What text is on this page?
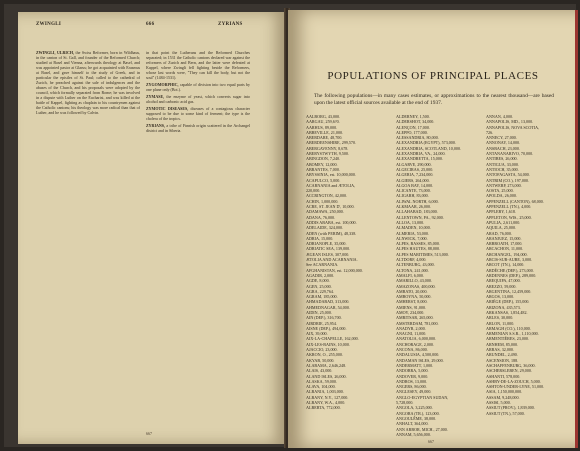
ZWINGLI	666	ZYRIANS

ZWINGLI, ULRICH, the Swiss Reformer, born in Wildhaus, in the canton of St. Gall, and founder of the Reformed Church; studied at Basel and Vienna, afterwards theology at Basel, and was appointed pastor at Glarus; he got acquainted with Erasmus at Basel, and gave himself to the study of Greek, and in particular the epistles of St. Paul; called to the cathedral of Zurich, he preached against the sale of indulgences and the abuses of the Church, and his proposals were adopted by the council, which formally separated from Rome; he was involved in a dispute with Luther on the Eucharist, and was killed at the battle of Kappel, fighting as chaplain to his countrymen against the Catholic cantons; his theology was more radical than that of Luther, and he was followed by Calvin.

in that point the Lutherans and the Reformed Churches separated; in 1531 the Catholic cantons declared war against the reformers of Zurich and Bern, and the latter were defeated at Kappel, where Zwingli fell fighting beside the Reformers, whose last words were, "They can kill the body, but not the soul" (1484-1531).

ZYGOMORPHIC, capable of division into two equal parts by one plane only (Bot.).

ZYMASE, the enzyme of yeast, which converts sugar into alcohol and carbonic acid gas.

ZYMOTIC DISEASES, diseases of a contagious character supposed to be due to some kind of ferment; the type is the cholera of the tropics.

ZYRIANS, a tribe of Finnish origin scattered in the Archangel district and in Siberia.

667
POPULATIONS OF PRINCIPAL PLACES
The following populations—in many cases estimates, or approximations to the nearest thousand—are based upon the latest official sources available at the end of 1937.
AALBORG, 43,000.
AARGAU, 259,6?0.
AARHUS, 89,000.
ABBEVILLE, 21,000.
ABERDARE, 48,700.
ABERDEENSHIRE, 299,570.
ABERGAVENNY, 8,678.
ABERYSTWYTH, 9,500.
ABINGDON, 7,240.
ABOMEY, 12,000.
ABRANTES, 7,000.
ABYSSINIA, est. 10,000,000.
ACAPULCO, 5,000.
ACARNANIA and ÆTOLIA,
220,000.
ACCRINGTON, 42,000.
ACHIN, 1,000,000.
ACRE, ST. JEAN D', 10,000.
ADAMAWA, 250,000.
ADANA, 76,000.
ADDIS ABABA, est. 100,000.
ADELAIDE, 324,000.
ADEN (with PERIM), 48,338.
ADRIA, 15,000.
ADRIANOPLE, 35,000.
ADRIATIC SEA, 139,000.
ÆGEAN ISLES, 307,000.
ÆTOLIA AND ACARNANIA.
See ACARNANIA.
AFGHANISTAN, est. 12,000,000.
AGADIR, 2,000.
AGDE, 8,000.
AGEN, 25,000.
AGRA, 229,764.
AGRAM, 185,000.
AHMADABAD, 313,000.
AHMEDNAGAR, 54,000.
AIDIN, 25,000.
AIN (DEP.), 316,700.
AIRDRIE, 25,954.
AISNE (DEP.), 494,000.
AIX, 39,000.
AIX-LA-CHAPELLE, 162,000.
AIX-LES-BAINS, 10,000.
AJACCIO, 23,000.
AKRON, O., 255,000.
AKYAB, 50,000.
ALABAMA, 2,646,248.
ALAIS, 43,000.
ALAND ISLES, 26,000.
ALASKA, 59,000.
ALAVA, 104,000.
ALBANIA, 1,003,000.
ALBANY, N.Y., 127,000.
ALBANY, W.A., 4,000.
ALBERTA, 772,000.
ALDERNEY, 1,500.
ALDERSHOT, 34,000.
ALENÇON, 17,000.
ALEPPO, 177,000.
ALESSANDRIA, 80,000.
ALEXANDRIA (EGYPT), 573,000.
ALEXANDRIA, SCOTLAND, 10,000.
ALEXANDRIA, VA., 24,000.
ALEXANDRETTA, 15,000.
ALGARVE, 290,000.
ALGECIRAS, 25,000.
ALGERIA, 7,234,000.
ALGIERS, 264,000.
ALGOA BAY, 14,000.
ALICANTE, 73,000.
ALIGARH, 83,000.
ALIWAL NORTH, 6,000.
ALKMAAR, 26,000.
ALLAHABAD, 183,000.
ALLENTOWN, PA., 92,000.
ALLOA, 13,000.
ALMADEN, 10,000.
ALMERIA, 53,000.
ALNWICK, 7,000.
ALPES, BASSES, 85,000.
ALPES HAUTES, 88,000.
ALPES MARITIMES, 513,000.
ALTDORF, 4,000.
ALTENBURG, 43,000.
ALTONA, 241,000.
AMALFI, 6,000.
AMARILLO, 43,000.
AMAZONAS, 400,000.
AMBATO, 20,000.
AMBOYNA, 50,000.
AMHERST, 8,000.
AMIENS, 91,000.
AMOY, 234,000.
AMRITSAR, 265,000.
AMSTERDAM, 781,000.
ANADYR, 2,000.
ANAGNI, 11,000.
ANATOLIA, 6,000,000.
ANCHORAGE, 2,000.
ANCONA, 86,000.
ANDALUSIA, 4,500,000.
ANDAMAN ISLES, 29,000.
ANDERMATT, 1,000.
ANDORRA, 5,000.
ANDOVER, 9,000.
ANDROS, 13,000.
ANGERS, 86,000.
ANGLESEY, 49,000.
ANGLO-EGYPTIAN SUDAN,
5,728,000.
ANGOLA, 3,225,000.
ANGORA (TR.), 123,000.
ANGOULÊME, 38,000.
ANHALT, 364,000.
ANN ARBOR, MICH., 27,000.
ANNAM, 5,656,000.
ANNAN, 4,000.
ANNAPOLIS, MD., 13,000.
ANNAPOLIS, NOVA SCOTIA,
726.
ANNECY, 27,000.
ANNONAY, 14,000.
ANSBACH, 23,000.
ANTANANARIVO, 70,000.
ANTIBES, 26,000.
ANTIGUA, 33,000.
ANTIOCH, 35,000.
ANTOFAGASTA, 54,000.
ANTRIM (CO.), 197,000.
ANTWERP, 273,000.
AOSTA, 25,000.
APOLDA, 26,000.
APPENZELL (CANTON), 68,000.
APPENZELL (TN.), 4,000.
APPLEBY, 1,618.
APPLETON, WIS., 25,000.
APULIA, 2,611,000.
AQUILA, 25,000.
ARAD, 76,000.
ARANJUEZ, 15,000.
ARBROATH, 17,000.
ARCACHON, 11,000.
ARCHANGEL, 194,000.
ARCIS-SUR-AUBE, 3,000.
ARCOT (TN.), 14,000.
ARDÈCHE (DEP.), 273,000.
ARDENNES (DEP.), 289,000.
AREQUIPA, 47,000.
AREZZO, 59,000.
ARGENTINA, 12,459,000.
ARGOS, 13,000.
ARIÈGE (DEP.), 155,000.
ARIZONA, 435,573.
ARKANSAS, 1,854,482.
ARLES, 30,000.
ARLON, 11,000.
ARMAGH (CO.), 110,000.
ARMENIAN S.S.R., 1,110,000.
ARMENTIÈRES, 23,000.
ARNHEM, 85,000.
ARRAS, 32,000.
ARUNDEL, 2,490.
ASCENSION, 188.
ASCHAFFENBURG, 36,000.
ASCHERSLEBEN, 29,000.
ASHANTI, 578,000.
ASHBY-DE-LA-ZOUCH, 5,000.
ASHTON-UNDER-LYNE, 51,000.
ASIA, 1,150,000,000.
ASSAM, 9,248,000.
ASSISI, 5,000.
ASSIUT (PROV.), 1,839,000.
ASSIUT (TN.), 57,000.
667
